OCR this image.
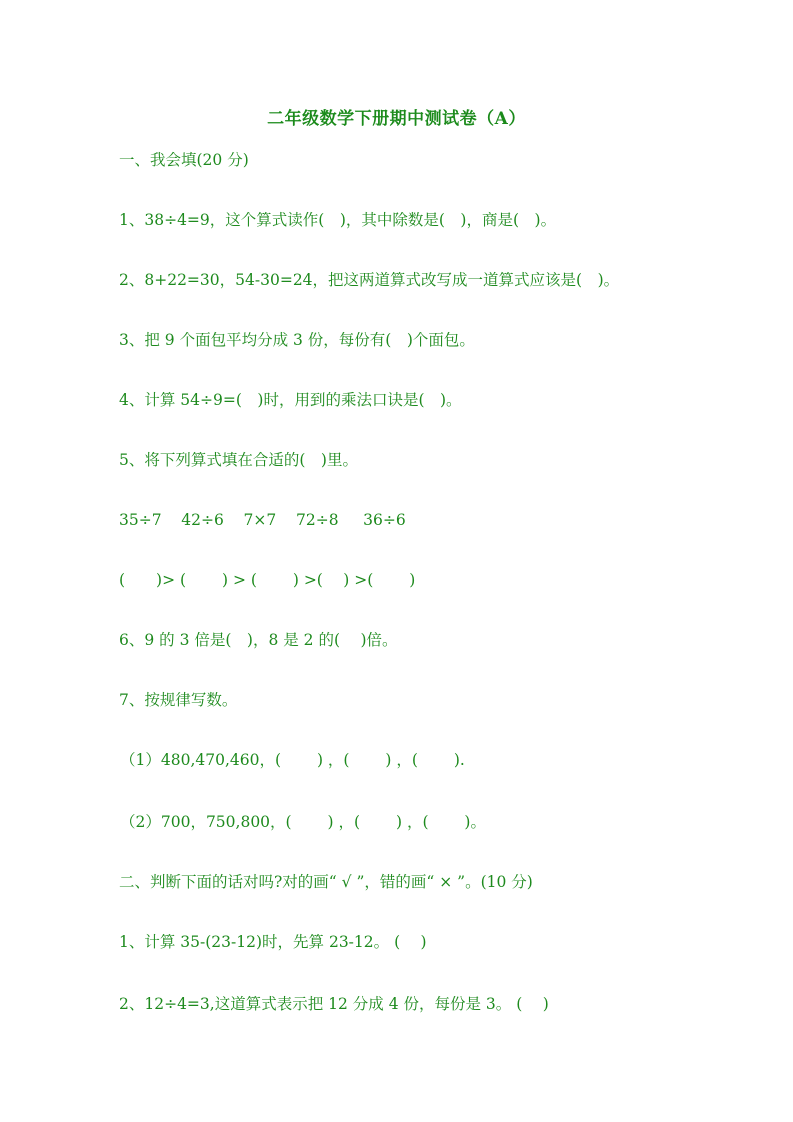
二年级数学下册期中测试卷（A）
一、我会填(20 分)
1、38÷4=9，这个算式读作(　)，其中除数是(　)，商是(　)。
2、8+22=30，54-30=24，把这两道算式改写成一道算式应该是(　)。
3、把 9 个面包平均分成 3 份，每份有(　)个面包。
4、计算 54÷9=(　)时，用到的乘法口诀是(　)。
5、将下列算式填在合适的(　)里。
35÷7    42÷6    7×7    72÷8     36÷6
(　　)> (　　 ) > (　　 ) >(　 ) >(　　 )
6、9 的 3 倍是(　)，8 是 2 的(　 )倍。
7、按规律写数。
（1）480,470,460，(　　 ) ，(　　 ) ，(　　 ).
（2）700，750,800，(　　 ) ，(　　 ) ，(　　 )。
二、判断下面的话对吗?对的画“ √ ”，错的画“ × ”。(10 分)
1、计算 35-(23-12)时，先算 23-12。 (　 )
2、12÷4=3,这道算式表示把 12 分成 4 份，每份是 3。 (　 )
